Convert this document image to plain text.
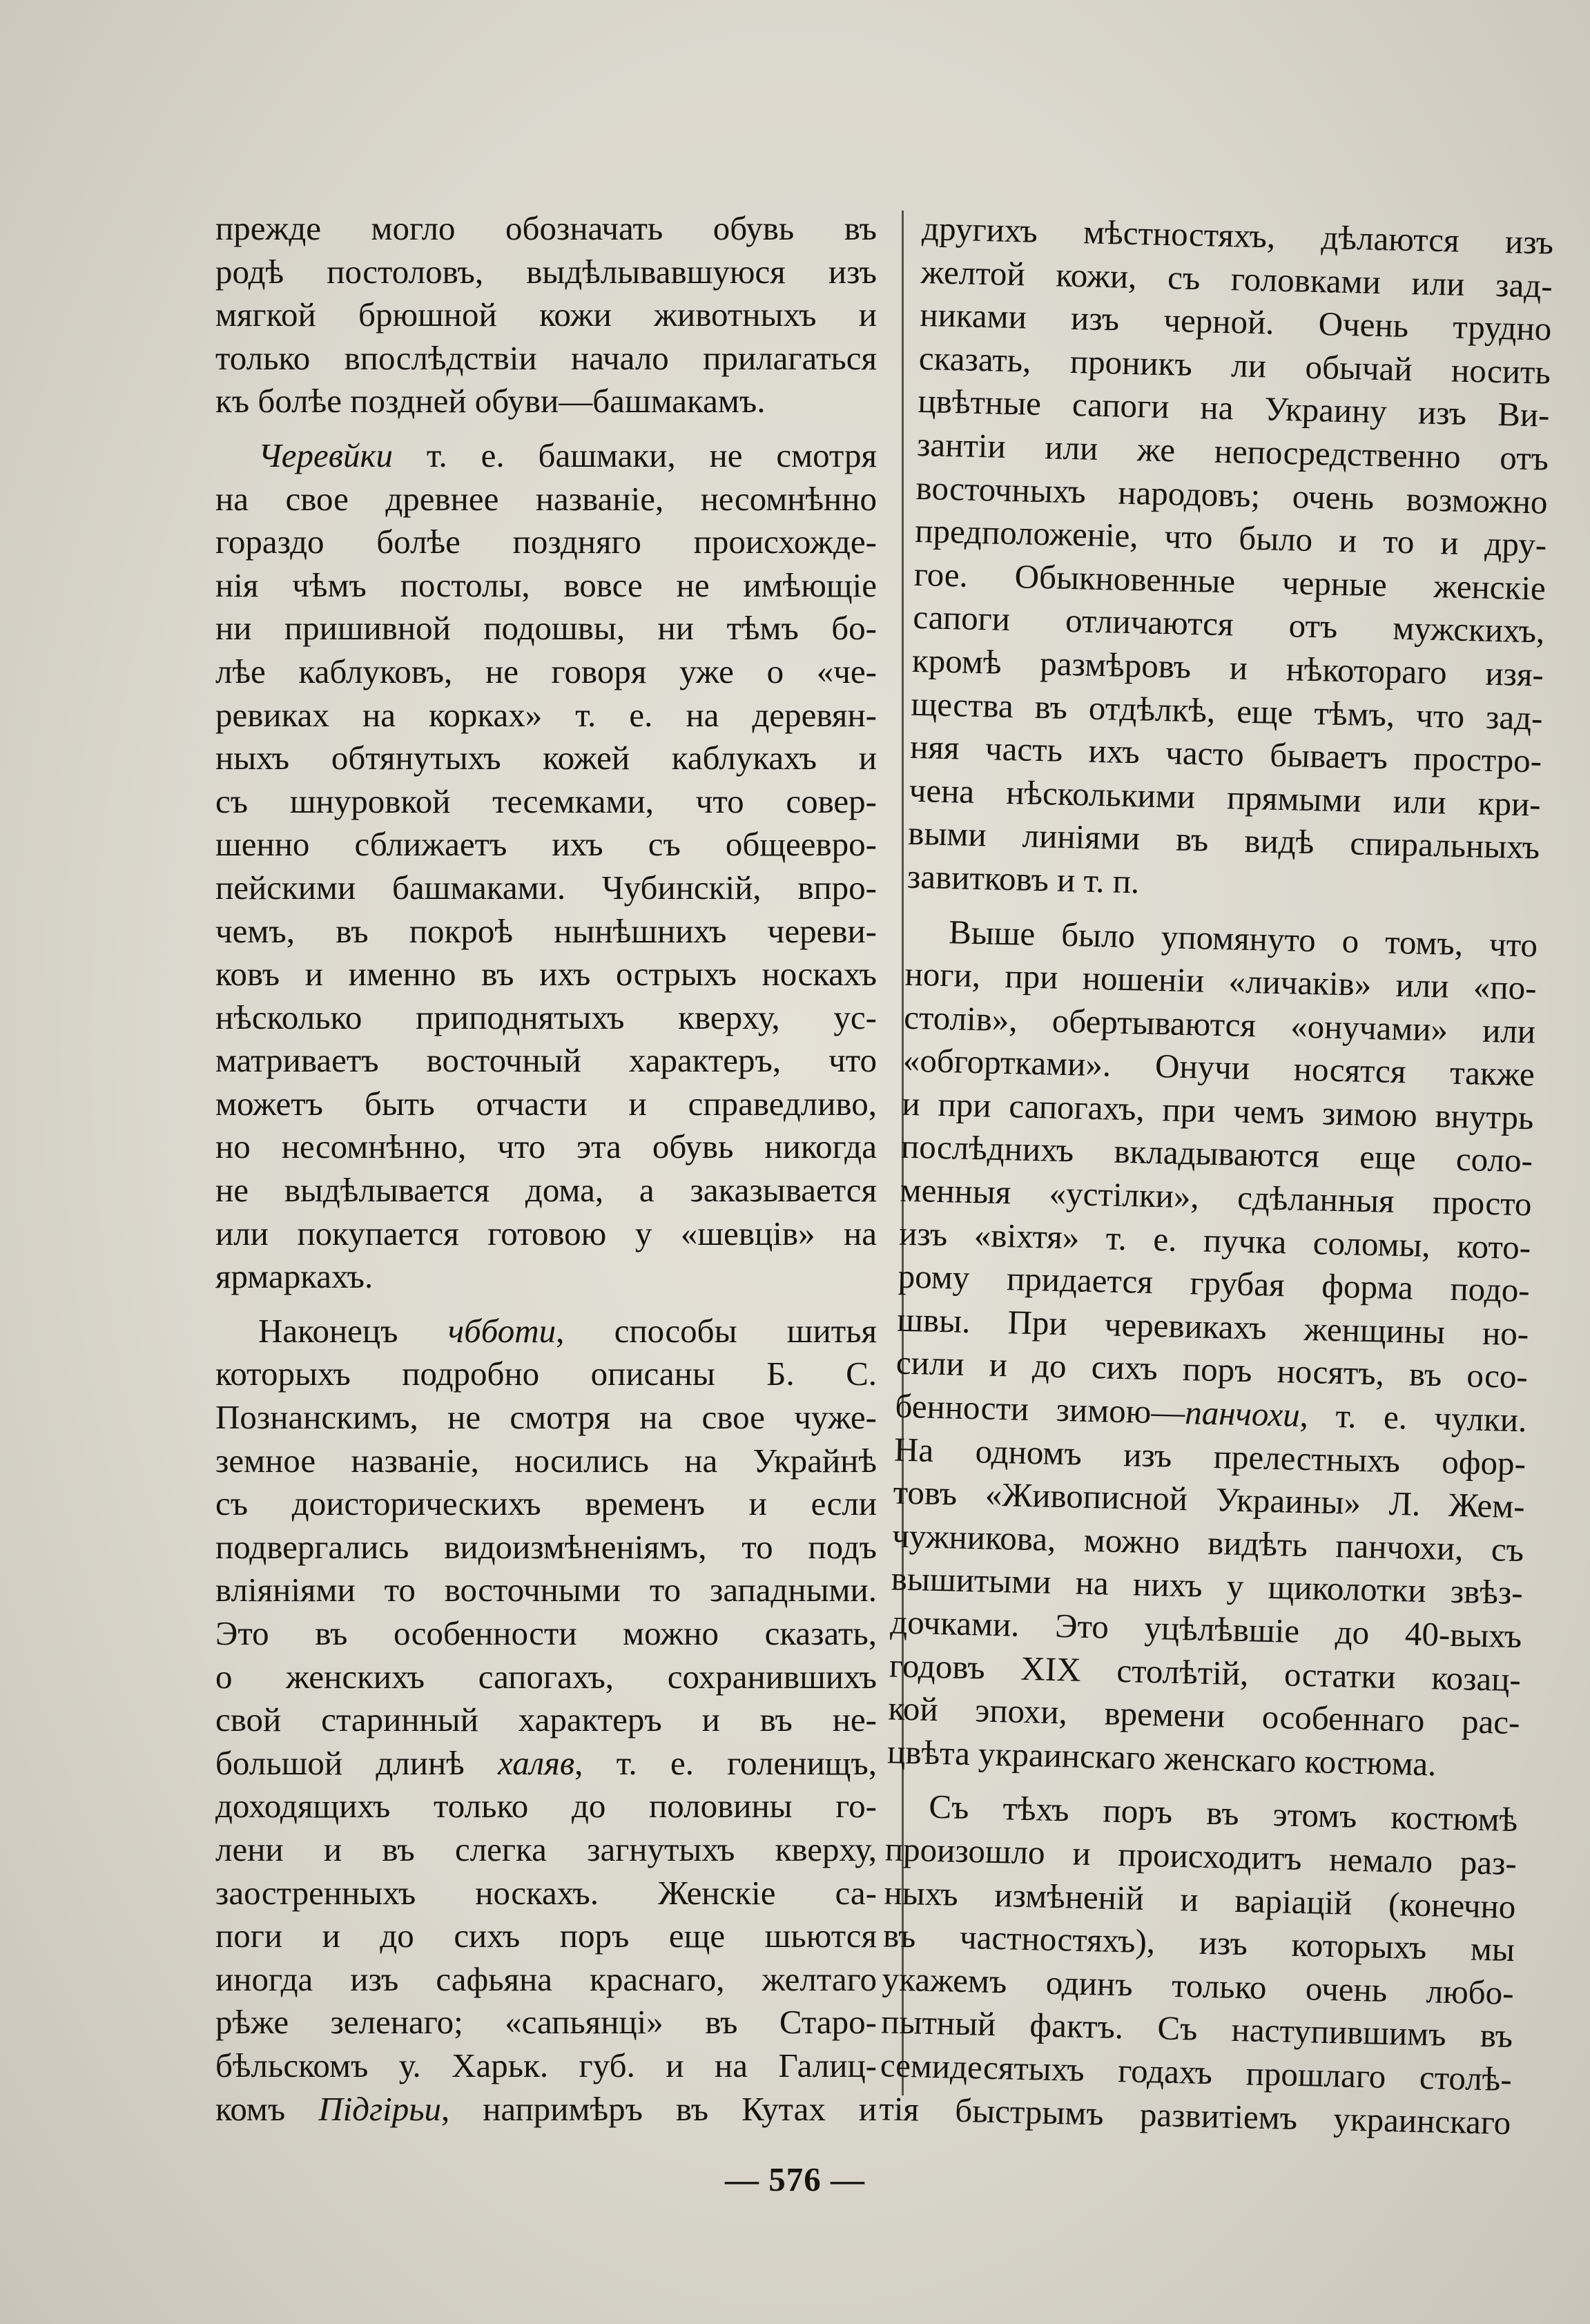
прежде могло обозначать обувь въ
родѣ постоловъ, выдѣлывавшуюся изъ
мягкой брюшной кожи животныхъ и
только впослѣдствіи начало прилагаться
къ болѣе поздней обуви—башмакамъ.
Черевйки т. е. башмаки, не смотря
на свое древнее названіе, несомнѣнно
гораздо болѣе поздняго происхожде-
нія чѣмъ постолы, вовсе не имѣющіе
ни пришивной подошвы, ни тѣмъ бо-
лѣе каблуковъ, не говоря уже о «че-
ревиках на корках» т. е. на деревян-
ныхъ обтянутыхъ кожей каблукахъ и
съ шнуровкой тесемками, что совер-
шенно сближаетъ ихъ съ общеевро-
пейскими башмаками. Чубинскій, впро-
чемъ, въ покроѣ нынѣшнихъ череви-
ковъ и именно въ ихъ острыхъ носкахъ
нѣсколько приподнятыхъ кверху, ус-
матриваетъ восточный характеръ, что
можетъ быть отчасти и справедливо,
но несомнѣнно, что эта обувь никогда
не выдѣлывается дома, а заказывается
или покупается готовою у «шевців» на
ярмаркахъ.
Наконецъ чбботи, способы шитья
которыхъ подробно описаны Б. С.
Познанскимъ, не смотря на свое чуже-
земное названіе, носились на Украйнѣ
съ доисторическихъ временъ и если
подвергались видоизмѣненіямъ, то подъ
вліяніями то восточными то западными.
Это въ особенности можно сказать,
о женскихъ сапогахъ, сохранившихъ
свой старинный характеръ и въ не-
большой длинѣ халяв, т. е. голенищъ,
доходящихъ только до половины го-
лени и въ слегка загнутыхъ кверху,
заостренныхъ носкахъ. Женскіе са-
поги и до сихъ поръ еще шьются
иногда изъ сафьяна краснаго, желтаго
рѣже зеленаго; «сапьянці» въ Старо-
бѣльскомъ у. Харьк. губ. и на Галиц-
комъ Підгірьи, напримѣръ въ Кутах и
другихъ мѣстностяхъ, дѣлаются изъ
желтой кожи, съ головками или зад-
никами изъ черной. Очень трудно
сказать, проникъ ли обычай носить
цвѣтные сапоги на Украину изъ Ви-
зантіи или же непосредственно отъ
восточныхъ народовъ; очень возможно
предположеніе, что было и то и дру-
гое. Обыкновенные черные женскіе
сапоги отличаются отъ мужскихъ,
кромѣ размѣровъ и нѣкотораго изя-
щества въ отдѣлкѣ, еще тѣмъ, что зад-
няя часть ихъ часто бываетъ простро-
чена нѣсколькими прямыми или кри-
выми линіями въ видѣ спиральныхъ
завитковъ и т. п.
Выше было упомянуто о томъ, что
ноги, при ношеніи «личаків» или «по-
столів», обертываются «онучами» или
«обгортками». Онучи носятся также
и при сапогахъ, при чемъ зимою внутрь
послѣднихъ вкладываются еще соло-
менныя «устілки», сдѣланныя просто
изъ «віхтя» т. е. пучка соломы, кото-
рому придается грубая форма подо-
швы. При черевикахъ женщины но-
сили и до сихъ поръ носятъ, въ осо-
бенности зимою—панчохи, т. е. чулки.
На одномъ изъ прелестныхъ офор-
товъ «Живописной Украины» Л. Жем-
чужникова, можно видѣть панчохи, съ
вышитыми на нихъ у щиколотки звѣз-
дочками. Это уцѣлѣвшіе до 40-выхъ
годовъ XIX столѣтій, остатки козац-
кой эпохи, времени особеннаго рас-
цвѣта украинскаго женскаго костюма.
Съ тѣхъ поръ въ этомъ костюмѣ
произошло и происходитъ немало раз-
ныхъ измѣненій и варіацій (конечно
въ частностяхъ), изъ которыхъ мы
укажемъ одинъ только очень любо-
пытный фактъ. Съ наступившимъ въ
семидесятыхъ годахъ прошлаго столѣ-
тія быстрымъ развитіемъ украинскаго
— 576 —
